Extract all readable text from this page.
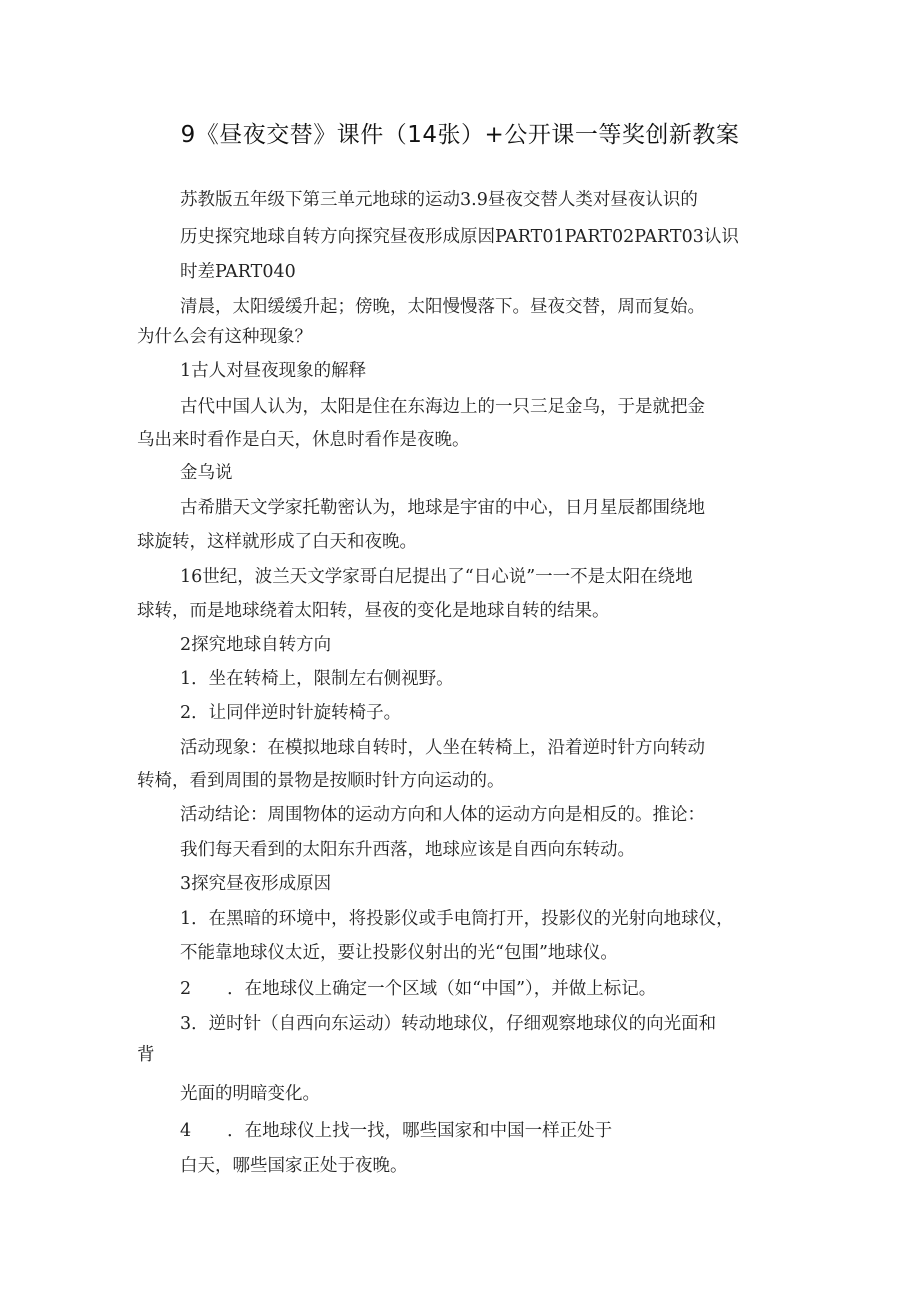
9《昼夜交替》课件（14张）+公开课一等奖创新教案
苏教版五年级下第三单元地球的运动3.9昼夜交替人类对昼夜认识的
历史探究地球自转方向探究昼夜形成原因PART01PART02PART03认识
时差PART040
清晨，太阳缓缓升起；傍晚，太阳慢慢落下。昼夜交替，周而复始。
为什么会有这种现象？
1古人对昼夜现象的解释
古代中国人认为，太阳是住在东海边上的一只三足金乌，于是就把金
乌出来时看作是白天，休息时看作是夜晚。
金乌说
古希腊天文学家托勒密认为，地球是宇宙的中心，日月星辰都围绕地
球旋转，这样就形成了白天和夜晚。
16世纪，波兰天文学家哥白尼提出了“日心说”一一不是太阳在绕地
球转，而是地球绕着太阳转，昼夜的变化是地球自转的结果。
2探究地球自转方向
1．坐在转椅上，限制左右侧视野。
2．让同伴逆时针旋转椅子。
活动现象：在模拟地球自转时，人坐在转椅上，沿着逆时针方向转动
转椅，看到周围的景物是按顺时针方向运动的。
活动结论：周围物体的运动方向和人体的运动方向是相反的。推论：
我们每天看到的太阳东升西落，地球应该是自西向东转动。
3探究昼夜形成原因
1．在黑暗的环境中，将投影仪或手电筒打开，投影仪的光射向地球仪，
不能靠地球仪太近，要让投影仪射出的光“包围”地球仪。
2 ．在地球仪上确定一个区域（如“中国”），并做上标记。
3．逆时针（自西向东运动）转动地球仪，仔细观察地球仪的向光面和
背
光面的明暗变化。
4 ．在地球仪上找一找，哪些国家和中国一样正处于
白天，哪些国家正处于夜晚。
